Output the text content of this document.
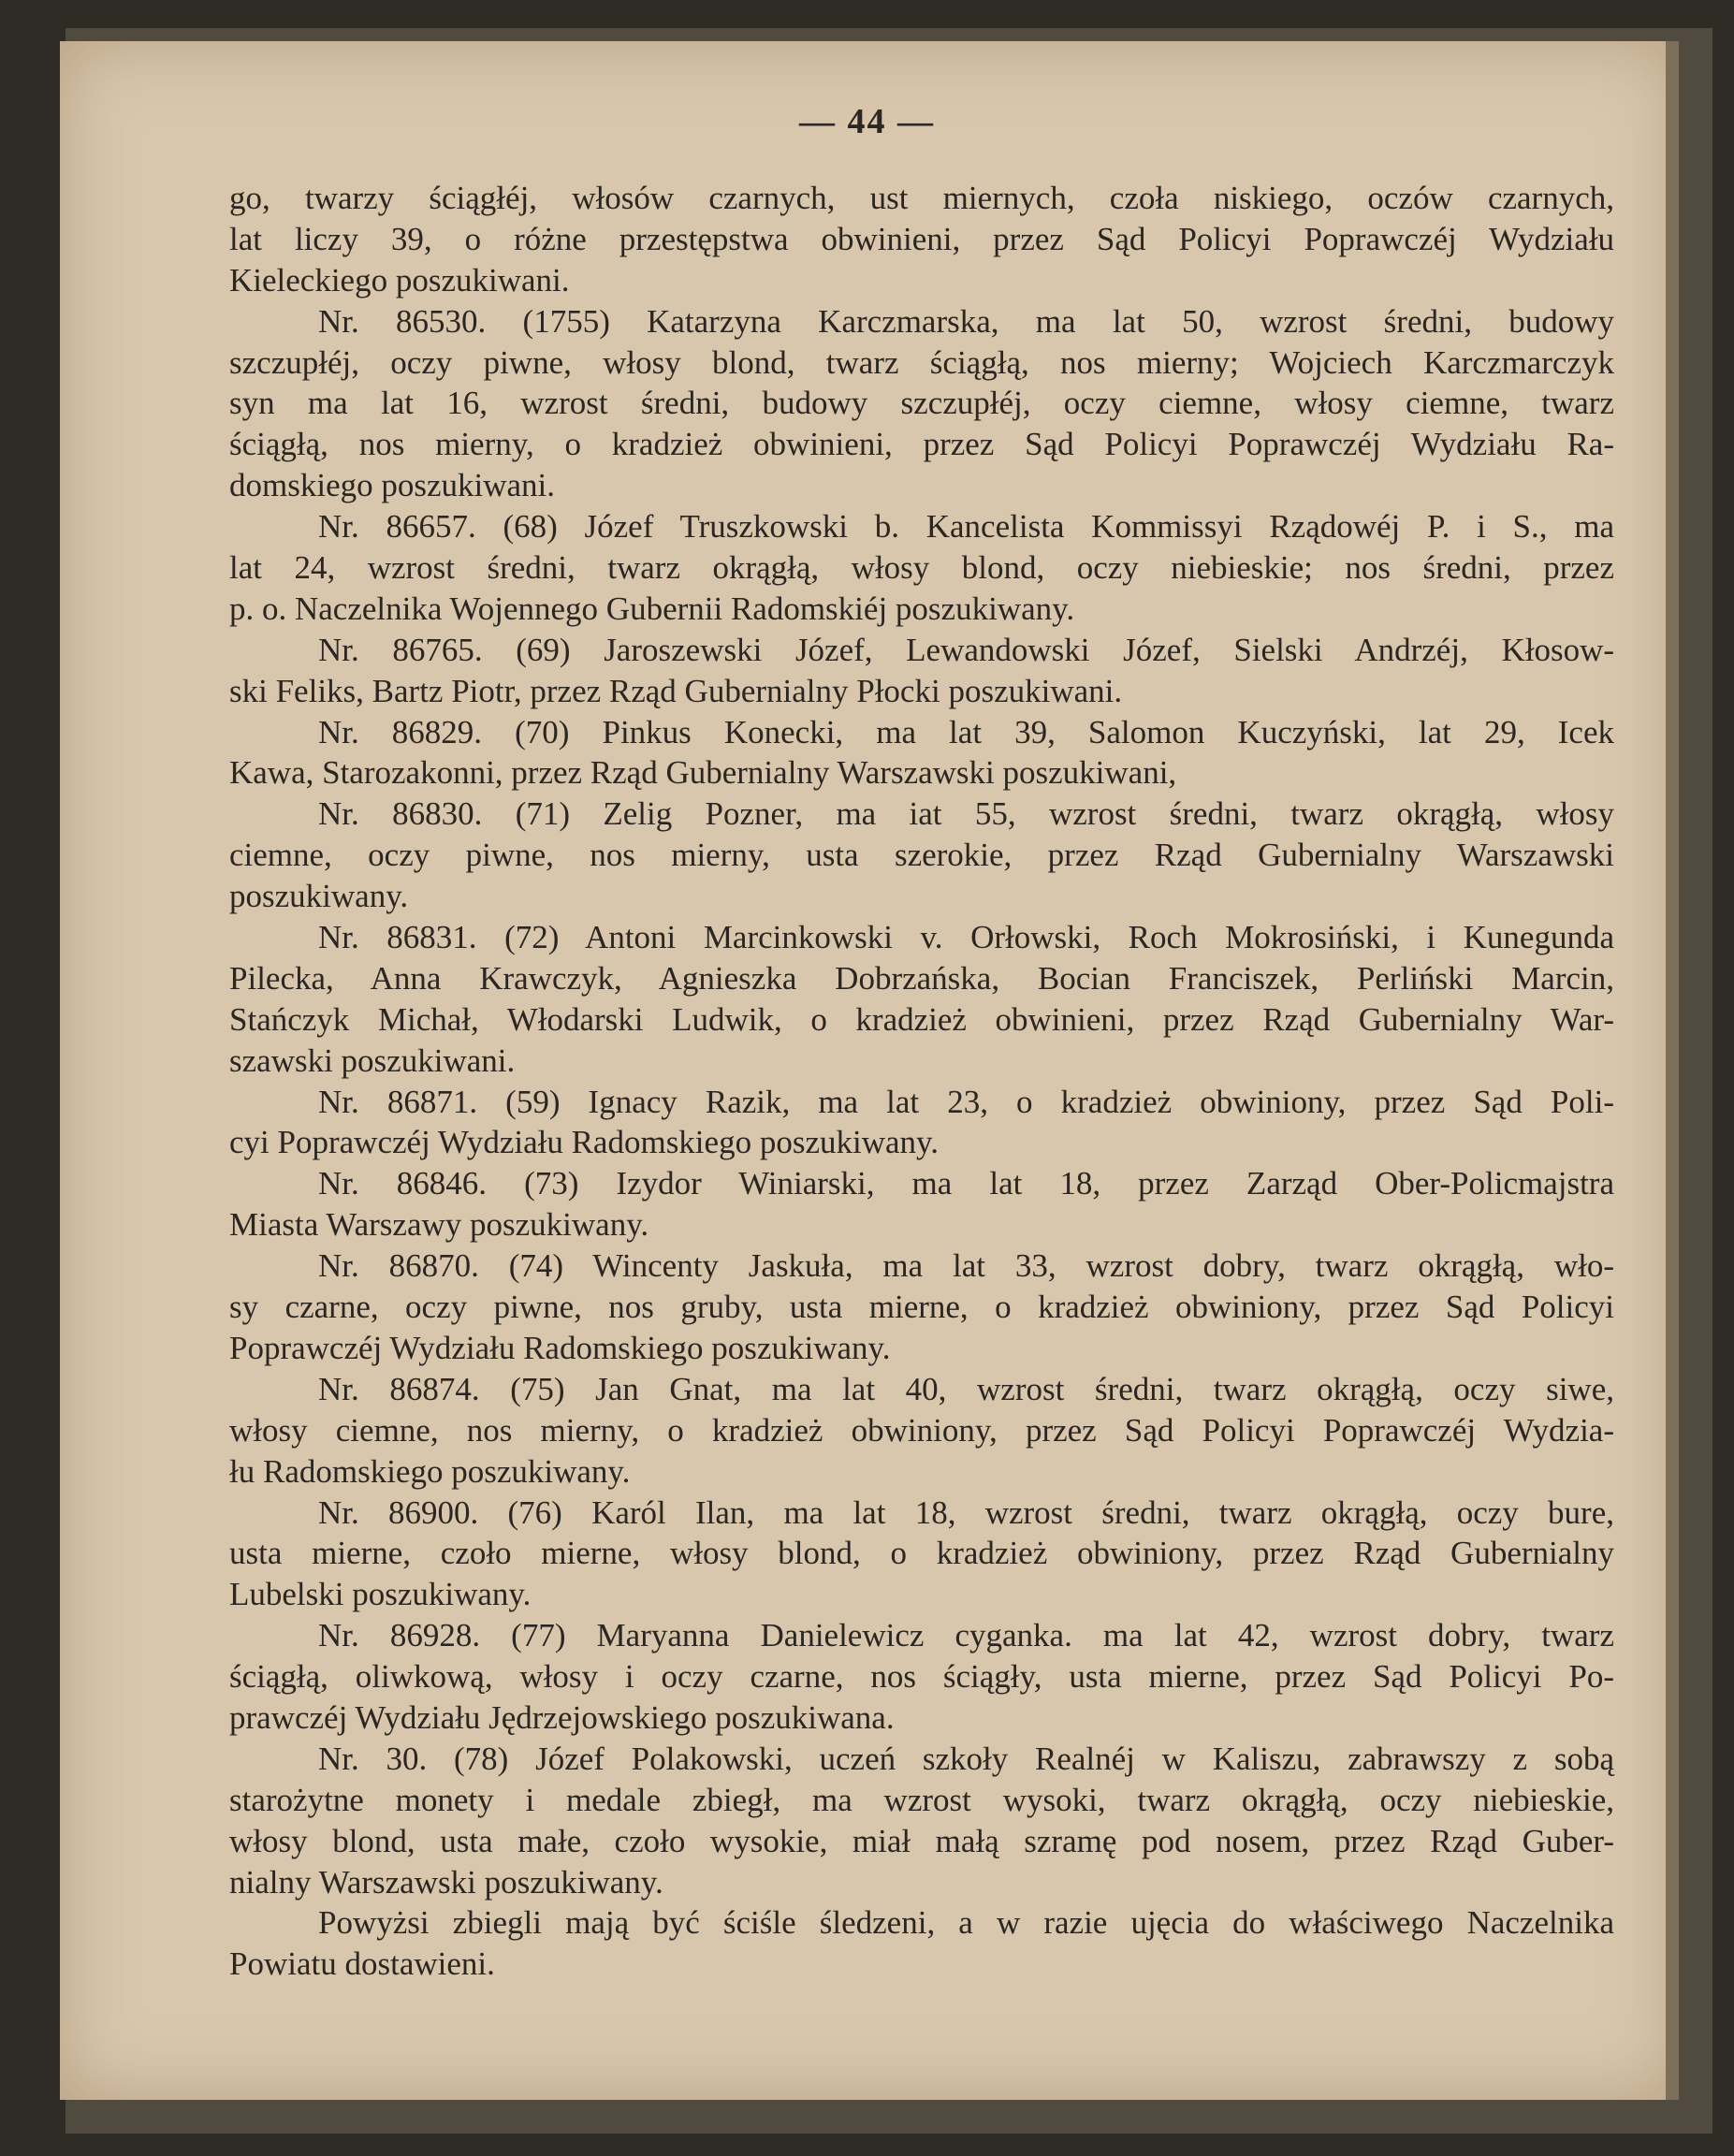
— 44 —
go, twarzy ściągłéj, włosów czarnych, ust miernych, czoła niskiego, oczów czarnych,
lat liczy 39, o różne przestępstwa obwinieni, przez Sąd Policyi Poprawczéj Wydziału
Kieleckiego poszukiwani.
Nr. 86530. (1755) Katarzyna Karczmarska, ma lat 50, wzrost średni, budowy
szczupłéj, oczy piwne, włosy blond, twarz ściągłą, nos mierny; Wojciech Karczmarczyk
syn ma lat 16, wzrost średni, budowy szczupłéj, oczy ciemne, włosy ciemne, twarz
ściągłą, nos mierny, o kradzież obwinieni, przez Sąd Policyi Poprawczéj Wydziału Ra-
domskiego poszukiwani.
Nr. 86657. (68) Józef Truszkowski b. Kancelista Kommissyi Rządowéj P. i S., ma
lat 24, wzrost średni, twarz okrągłą, włosy blond, oczy niebieskie; nos średni, przez
p. o. Naczelnika Wojennego Gubernii Radomskiéj poszukiwany.
Nr. 86765. (69) Jaroszewski Józef, Lewandowski Józef, Sielski Andrzéj, Kłosow-
ski Feliks, Bartz Piotr, przez Rząd Gubernialny Płocki poszukiwani.
Nr. 86829. (70) Pinkus Konecki, ma lat 39, Salomon Kuczyński, lat 29, Icek
Kawa, Starozakonni, przez Rząd Gubernialny Warszawski poszukiwani,
Nr. 86830. (71) Zelig Pozner, ma iat 55, wzrost średni, twarz okrągłą, włosy
ciemne, oczy piwne, nos mierny, usta szerokie, przez Rząd Gubernialny Warszawski
poszukiwany.
Nr. 86831. (72) Antoni Marcinkowski v. Orłowski, Roch Mokrosiński, i Kunegunda
Pilecka, Anna Krawczyk, Agnieszka Dobrzańska, Bocian Franciszek, Perliński Marcin,
Stańczyk Michał, Włodarski Ludwik, o kradzież obwinieni, przez Rząd Gubernialny War-
szawski poszukiwani.
Nr. 86871. (59) Ignacy Razik, ma lat 23, o kradzież obwiniony, przez Sąd Poli-
cyi Poprawczéj Wydziału Radomskiego poszukiwany.
Nr. 86846. (73) Izydor Winiarski, ma lat 18, przez Zarząd Ober-Policmajstra
Miasta Warszawy poszukiwany.
Nr. 86870. (74) Wincenty Jaskuła, ma lat 33, wzrost dobry, twarz okrągłą, wło-
sy czarne, oczy piwne, nos gruby, usta mierne, o kradzież obwiniony, przez Sąd Policyi
Poprawczéj Wydziału Radomskiego poszukiwany.
Nr. 86874. (75) Jan Gnat, ma lat 40, wzrost średni, twarz okrągłą, oczy siwe,
włosy ciemne, nos mierny, o kradzież obwiniony, przez Sąd Policyi Poprawczéj Wydzia-
łu Radomskiego poszukiwany.
Nr. 86900. (76) Karól Ilan, ma lat 18, wzrost średni, twarz okrągłą, oczy bure,
usta mierne, czoło mierne, włosy blond, o kradzież obwiniony, przez Rząd Gubernialny
Lubelski poszukiwany.
Nr. 86928. (77) Maryanna Danielewicz cyganka. ma lat 42, wzrost dobry, twarz
ściągłą, oliwkową, włosy i oczy czarne, nos ściągły, usta mierne, przez Sąd Policyi Po-
prawczéj Wydziału Jędrzejowskiego poszukiwana.
Nr. 30. (78) Józef Polakowski, uczeń szkoły Realnéj w Kaliszu, zabrawszy z sobą
starożytne monety i medale zbiegł, ma wzrost wysoki, twarz okrągłą, oczy niebieskie,
włosy blond, usta małe, czoło wysokie, miał małą szramę pod nosem, przez Rząd Guber-
nialny Warszawski poszukiwany.
Powyżsi zbiegli mają być ściśle śledzeni, a w razie ujęcia do właściwego Naczelnika
Powiatu dostawieni.
